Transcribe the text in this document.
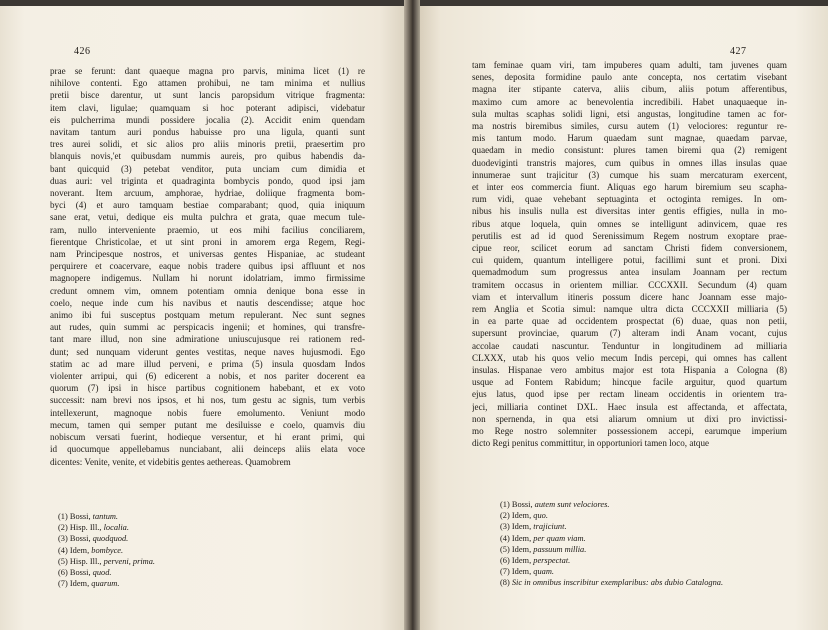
426
prae se ferunt: dant quaeque magna pro parvis, minima licet (1) re
nihilove contenti. Ego attamen prohibui, ne tam minima et nullius
pretii bisce darentur, ut sunt lancis paropsidum vitrique fragmenta:
item clavi, ligulae; quamquam si hoc poterant adipisci, videbatur
eis pulcherrima mundi possidere jocalia (2). Accidit enim quendam
navitam tantum auri pondus habuisse pro una ligula, quanti sunt
tres aurei solidi, et sic alios pro aliis minoris pretii, praesertim pro
blanquis novis,'et quibusdam nummis aureis, pro quibus habendis da-
bant quicquid (3) petebat venditor, puta unciam cum dimidia et
duas auri: vel triginta et quadraginta bombycis pondo, quod ipsi jam
noverant. Item arcuum, amphorae, hydriae, doliique fragmenta bom-
byci (4) et auro tamquam bestiae comparabant; quod, quia iniquum
sane erat, vetui, dedique eis multa pulchra et grata, quae mecum tule-
ram, nullo interveniente praemio, ut eos mihi facilius conciliarem,
fierentque Christicolae, et ut sint proni in amorem erga Regem, Regi-
nam Principesque nostros, et universas gentes Hispaniae, ac studeant
perquirere et coacervare, eaque nobis tradere quibus ipsi affluunt et nos
magnopere indigemus. Nullam hi norunt idolatriam, immo firmissime
credunt omnem vim, omnem potentiam omnia denique bona esse in
coelo, neque inde cum his navibus et nautis descendisse; atque hoc
animo ibi fui susceptus postquam metum repulerant. Nec sunt segnes
aut rudes, quin summi ac perspicacis ingenii; et homines, qui transfre-
tant mare illud, non sine admiratione uniuscujusque rei rationem red-
dunt; sed nunquam viderunt gentes vestitas, neque naves hujusmodi. Ego
statim ac ad mare illud perveni, e prima (5) insula quosdam Indos
violenter arripui, qui (6) edicerent a nobis, et nos pariter docerent ea
quorum (7) ipsi in hisce partibus cognitionem habebant, et ex voto
successit: nam brevi nos ipsos, et hi nos, tum gestu ac signis, tum verbis
intellexerunt, magnoque nobis fuere emolumento. Veniunt modo
mecum, tamen qui semper putant me desiluisse e coelo, quamvis diu
nobiscum versati fuerint, hodieque versentur, et hi erant primi, qui
id quocumque appellebamus nunciabant, alii deinceps aliis elata voce
dicentes: Venite, venite, et videbitis gentes aethereas. Quamobrem
(1) Bossi, tantum.
(2) Hisp. Ill., localia.
(3) Bossi, quodquod.
(4) Idem, bombyce.
(5) Hisp. Ill., perveni, prima.
(6) Bossi, quod.
(7) Idem, quarum.
427
tam feminae quam viri, tam impuberes quam adulti, tam juvenes quam
senes, deposita formidine paulo ante concepta, nos certatim visebant
magna iter stipante caterva, aliis cibum, aliis potum afferentibus,
maximo cum amore ac benevolentia incredibili. Habet unaquaeque in-
sula multas scaphas solidi ligni, etsi angustas, longitudine tamen ac for-
ma nostris biremibus similes, cursu autem (1) velociores: reguntur re-
mis tantum modo. Harum quaedam sunt magnae, quaedam parvae,
quaedam in medio consistunt: plures tamen biremi qua (2) remigent
duodeviginti transtris majores, cum quibus in omnes illas insulas quae
innumerae sunt trajicitur (3) cumque his suam mercaturam exercent,
et inter eos commercia fiunt. Aliquas ego harum biremium seu scapha-
rum vidi, quae vehebant septuaginta et octoginta remiges. In om-
nibus his insulis nulla est diversitas inter gentis effigies, nulla in mo-
ribus atque loquela, quin omnes se intelligunt adinvicem, quae res
perutilis est ad id quod Serenissimum Regem nostrum exoptare prae-
cipue reor, scilicet eorum ad sanctam Christi fidem conversionem,
cui quidem, quantum intelligere potui, facillimi sunt et proni. Dixi
quemadmodum sum progressus antea insulam Joannam per rectum
tramitem occasus in orientem milliar. CCCXXII. Secundum (4) quam
viam et intervallum itineris possum dicere hanc Joannam esse majo-
rem Anglia et Scotia simul: namque ultra dicta CCCXXII milliaria (5)
in ea parte quae ad occidentem prospectat (6) duae, quas non petii,
supersunt provinciae, quarum (7) alteram indi Anam vocant, cujus
accolae caudati nascuntur. Tenduntur in longitudinem ad milliaria
CLXXX, utab his quos velio mecum Indis percepi, qui omnes has callent
insulas. Hispanae vero ambitus major est tota Hispania a Cologna (8)
usque ad Fontem Rabidum; hincque facile arguitur, quod quartum
ejus latus, quod ipse per rectam lineam occidentis in orientem tra-
jeci, milliaria continet DXL. Haec insula est affectanda, et affectata,
non spernenda, in qua etsi aliarum omnium ut dixi pro invictissi-
mo Rege nostro solemniter possessionem accepi, earumque imperium
dicto Regi penitus committitur, in opportuniori tamen loco, atque
(1) Bossi, autem sunt velociores.
(2) Idem, quo.
(3) Idem, trajiciunt.
(4) Idem, per quam viam.
(5) Idem, passuum millia.
(6) Idem, perspectat.
(7) Idem, quam.
(8) Sic in omnibus inscribitur exemplaribus: abs dubio Catalogna.
